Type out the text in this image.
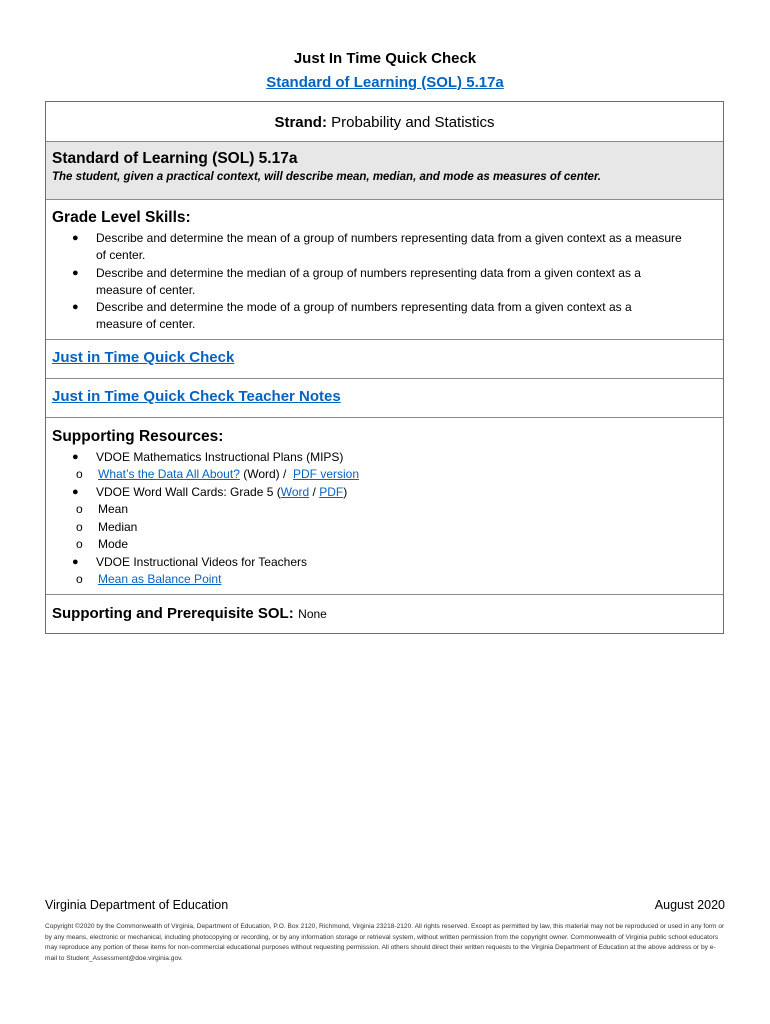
Just In Time Quick Check
Standard of Learning (SOL) 5.17a
Strand: Probability and Statistics
Standard of Learning (SOL) 5.17a
The student, given a practical context, will describe mean, median, and mode as measures of center.
Grade Level Skills:
● Describe and determine the mean of a group of numbers representing data from a given context as a measure
of center.
● Describe and determine the median of a group of numbers representing data from a given context as a
measure of center.
● Describe and determine the mode of a group of numbers representing data from a given context as a
measure of center.
Just in Time Quick Check
Just in Time Quick Check Teacher Notes
Supporting Resources:
● VDOE Mathematics Instructional Plans (MIPS)
o What’s the Data All About? (Word) /  PDF version
● VDOE Word Wall Cards: Grade 5 (Word / PDF)
o Mean
o Median
o Mode
● VDOE Instructional Videos for Teachers
o Mean as Balance Point
Supporting and Prerequisite SOL: None
Virginia Department of Education	August 2020
Copyright ©2020 by the Commonwealth of Virginia, Department of Education, P.O. Box 2120, Richmond, Virginia 23218-2120. All rights reserved. Except as permitted by law, this material may not be reproduced or used in any form or by any means, electronic or mechanical, including photocopying or recording, or by any information storage or retrieval system, without written permission from the copyright owner. Commonwealth of Virginia public school educators may reproduce any portion of these items for non-commercial educational purposes without requesting permission. All others should direct their written requests to the Virginia Department of Education at the above address or by e-mail to Student_Assessment@doe.virginia.gov.
